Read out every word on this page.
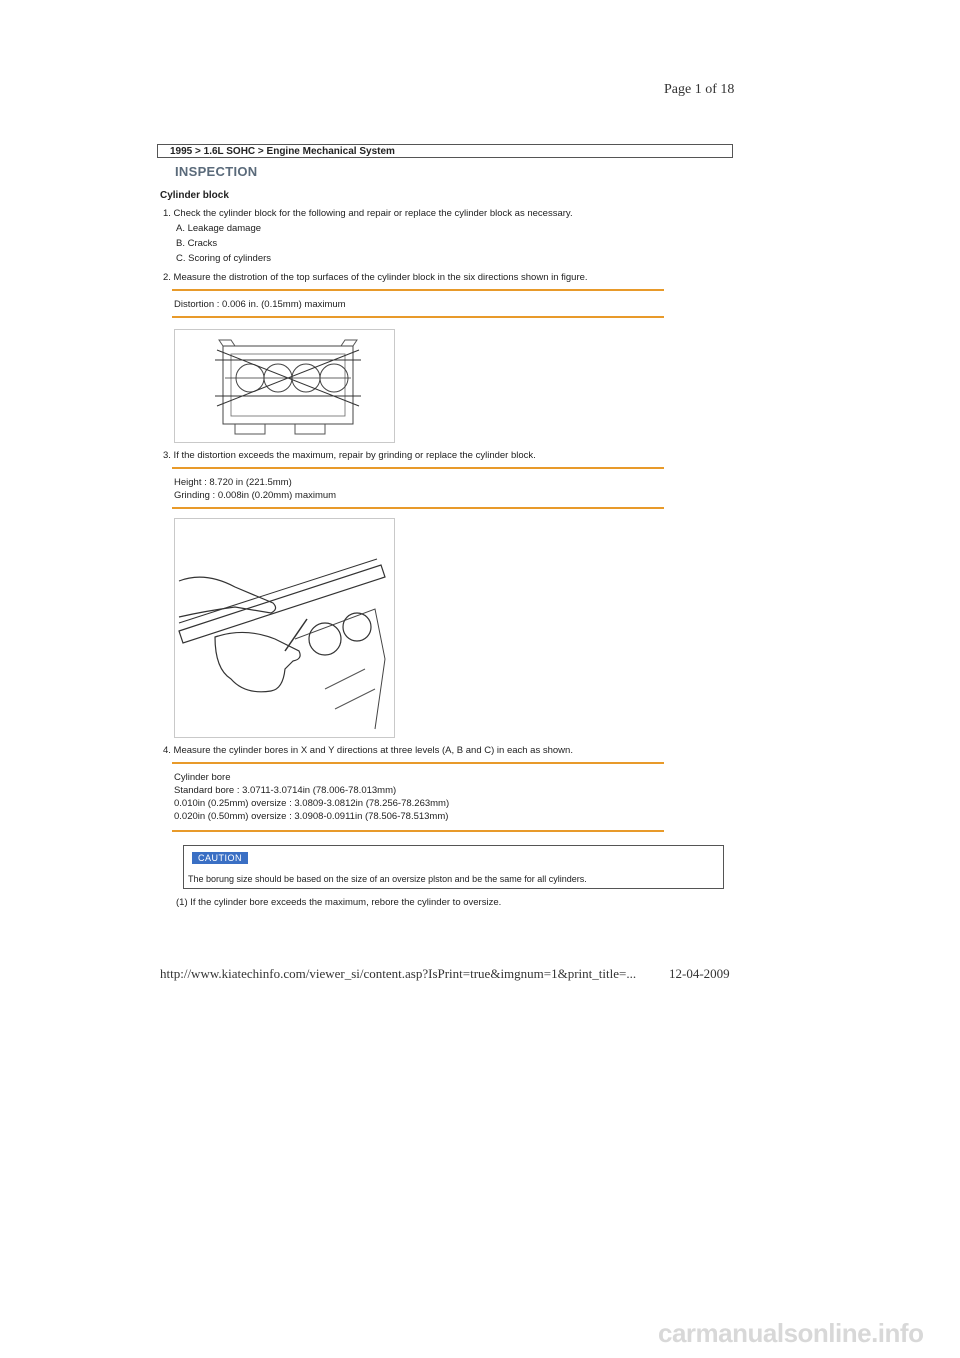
Page 1 of 18
1995 > 1.6L SOHC > Engine Mechanical System
INSPECTION
Cylinder block
1. Check the cylinder block for the following and repair or replace the cylinder block as necessary.
A. Leakage damage
B. Cracks
C. Scoring of cylinders
2. Measure the distrotion of the top surfaces of the cylinder block in the six directions shown in figure.
Distortion : 0.006 in. (0.15mm) maximum
3. If the distortion exceeds the maximum, repair by grinding or replace the cylinder block.
Height : 8.720 in (221.5mm)
Grinding : 0.008in (0.20mm) maximum
4. Measure the cylinder bores in X and Y directions at three levels (A, B and C) in each as shown.
Cylinder bore
Standard bore : 3.0711-3.0714in (78.006-78.013mm)
0.010in (0.25mm) oversize : 3.0809-3.0812in (78.256-78.263mm)
0.020in (0.50mm) oversize : 3.0908-0.0911in (78.506-78.513mm)
CAUTION
The borung size should be based on the size of an oversize plston and be the same for all cylinders.
(1) If the cylinder bore exceeds the maximum, rebore the cylinder to oversize.
http://www.kiatechinfo.com/viewer_si/content.asp?IsPrint=true&imgnum=1&print_title=...	12-04-2009
carmanualsonline.info
